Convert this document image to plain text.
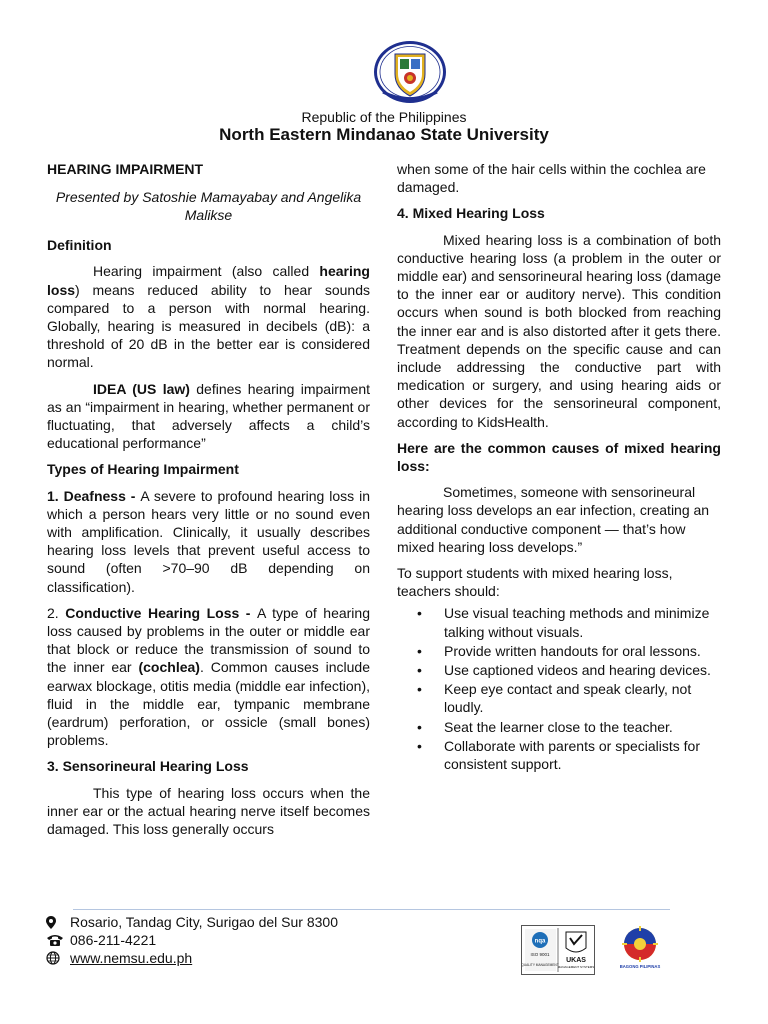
Republic of the Philippines
North Eastern Mindanao State University

HEARING IMPAIRMENT

Presented by Satoshie Mamayabay and Angelika Malikse

Definition

Hearing impairment (also called hearing loss) means reduced ability to hear sounds compared to a person with normal hearing. Globally, hearing is measured in decibels (dB): a threshold of 20 dB in the better ear is considered normal.

IDEA (US law) defines hearing impairment as an “impairment in hearing, whether permanent or fluctuating, that adversely affects a child’s educational performance”

Types of Hearing Impairment

1. Deafness - A severe to profound hearing loss in which a person hears very little or no sound even with amplification. Clinically, it usually describes hearing loss levels that prevent useful access to sound (often >70–90 dB depending on classification).

2. Conductive Hearing Loss - A type of hearing loss caused by problems in the outer or middle ear that block or reduce the transmission of sound to the inner ear (cochlea). Common causes include earwax blockage, otitis media (middle ear infection), fluid in the middle ear, tympanic membrane (eardrum) perforation, or ossicle (small bones) problems.

3. Sensorineural Hearing Loss

This type of hearing loss occurs when the inner ear or the actual hearing nerve itself becomes damaged. This loss generally occurs

when some of the hair cells within the cochlea are damaged.

4. Mixed Hearing Loss

Mixed hearing loss is a combination of both conductive hearing loss (a problem in the outer or middle ear) and sensorineural hearing loss (damage to the inner ear or auditory nerve). This condition occurs when sound is both blocked from reaching the inner ear and is also distorted after it gets there. Treatment depends on the specific cause and can include addressing the conductive part with medication or surgery, and using hearing aids or other devices for the sensorineural component, according to KidsHealth.

Here are the common causes of mixed hearing loss:

Sometimes, someone with sensorineural hearing loss develops an ear infection, creating an additional conductive component — that’s how mixed hearing loss develops.”

To support students with mixed hearing loss, teachers should:

• Use visual teaching methods and minimize talking without visuals.
• Provide written handouts for oral lessons.
• Use captioned videos and hearing devices.
• Keep eye contact and speak clearly, not loudly.
• Seat the learner close to the teacher.
• Collaborate with parents or specialists for consistent support.
Rosario, Tandag City, Surigao del Sur 8300
086-211-4221
www.nemsu.edu.ph
nqa
ISO 9001
QUALITY MANAGEMENT
UKAS
MANAGEMENT SYSTEMS	BAGONG PILIPINAS
